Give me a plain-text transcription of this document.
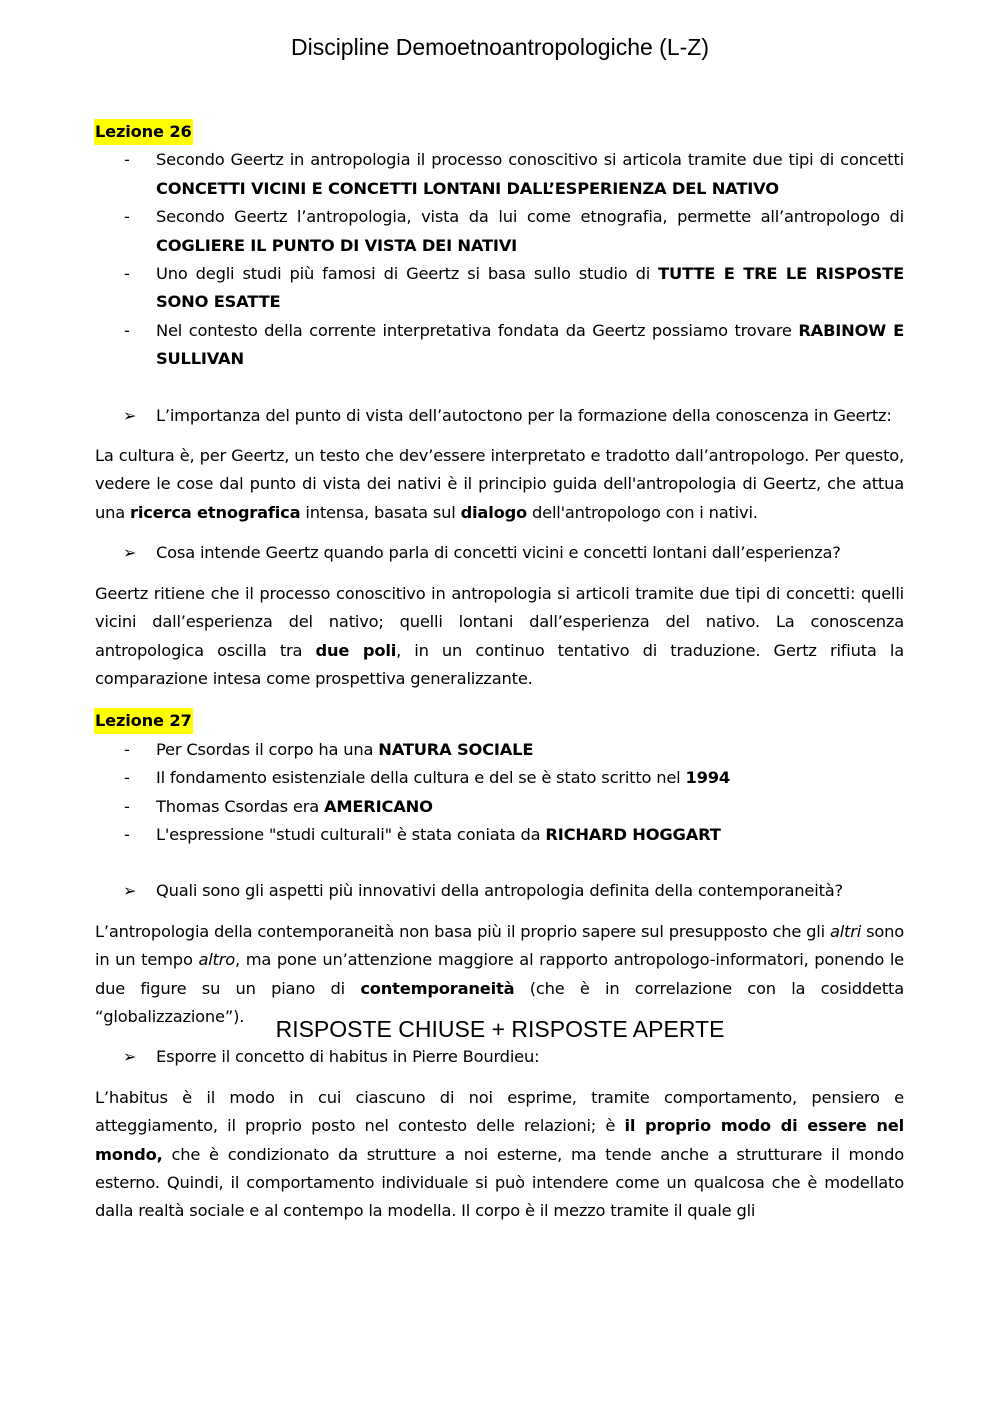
Discipline Demoetnoantropologiche (L-Z)
Lezione 26
- Secondo Geertz in antropologia il processo conoscitivo si articola tramite due tipi di concetti CONCETTI VICINI E CONCETTI LONTANI DALL’ESPERIENZA DEL NATIVO
- Secondo Geertz l’antropologia, vista da lui come etnografia, permette all’antropologo di COGLIERE IL PUNTO DI VISTA DEI NATIVI
- Uno degli studi più famosi di Geertz si basa sullo studio di TUTTE E TRE LE RISPOSTE SONO ESATTE
- Nel contesto della corrente interpretativa fondata da Geertz possiamo trovare RABINOW E SULLIVAN
➢ L’importanza del punto di vista dell’autoctono per la formazione della conoscenza in Geertz:

La cultura è, per Geertz, un testo che dev’essere interpretato e tradotto dall’antropologo. Per questo, vedere le cose dal punto di vista dei nativi è il principio guida dell'antropologia di Geertz, che attua una ricerca etnografica intensa, basata sul dialogo dell'antropologo con i nativi.

➢ Cosa intende Geertz quando parla di concetti vicini e concetti lontani dall’esperienza?

Geertz ritiene che il processo conoscitivo in antropologia si articoli tramite due tipi di concetti: quelli vicini dall’esperienza del nativo; quelli lontani dall’esperienza del nativo. La conoscenza antropologica oscilla tra due poli, in un continuo tentativo di traduzione. Gertz rifiuta la comparazione intesa come prospettiva generalizzante.

Lezione 27
- Per Csordas il corpo ha una NATURA SOCIALE
- Il fondamento esistenziale della cultura e del se è stato scritto nel 1994
- Thomas Csordas era AMERICANO
- L'espressione "studi culturali" è stata coniata da RICHARD HOGGART
➢ Quali sono gli aspetti più innovativi della antropologia definita della contemporaneità?

L’antropologia della contemporaneità non basa più il proprio sapere sul presupposto che gli altri sono in un tempo altro, ma pone un’attenzione maggiore al rapporto antropologo-informatori, ponendo le due figure su un piano di contemporaneità (che è in correlazione con la cosiddetta “globalizzazione”).

➢ Esporre il concetto di habitus in Pierre Bourdieu:

L’habitus è il modo in cui ciascuno di noi esprime, tramite comportamento, pensiero e atteggiamento, il proprio posto nel contesto delle relazioni; è il proprio modo di essere nel mondo, che è condizionato da strutture a noi esterne, ma tende anche a strutturare il mondo esterno. Quindi, il comportamento individuale si può intendere come un qualcosa che è modellato dalla realtà sociale e al contempo la modella. Il corpo è il mezzo tramite il quale gli

RISPOSTE CHIUSE + RISPOSTE APERTE
